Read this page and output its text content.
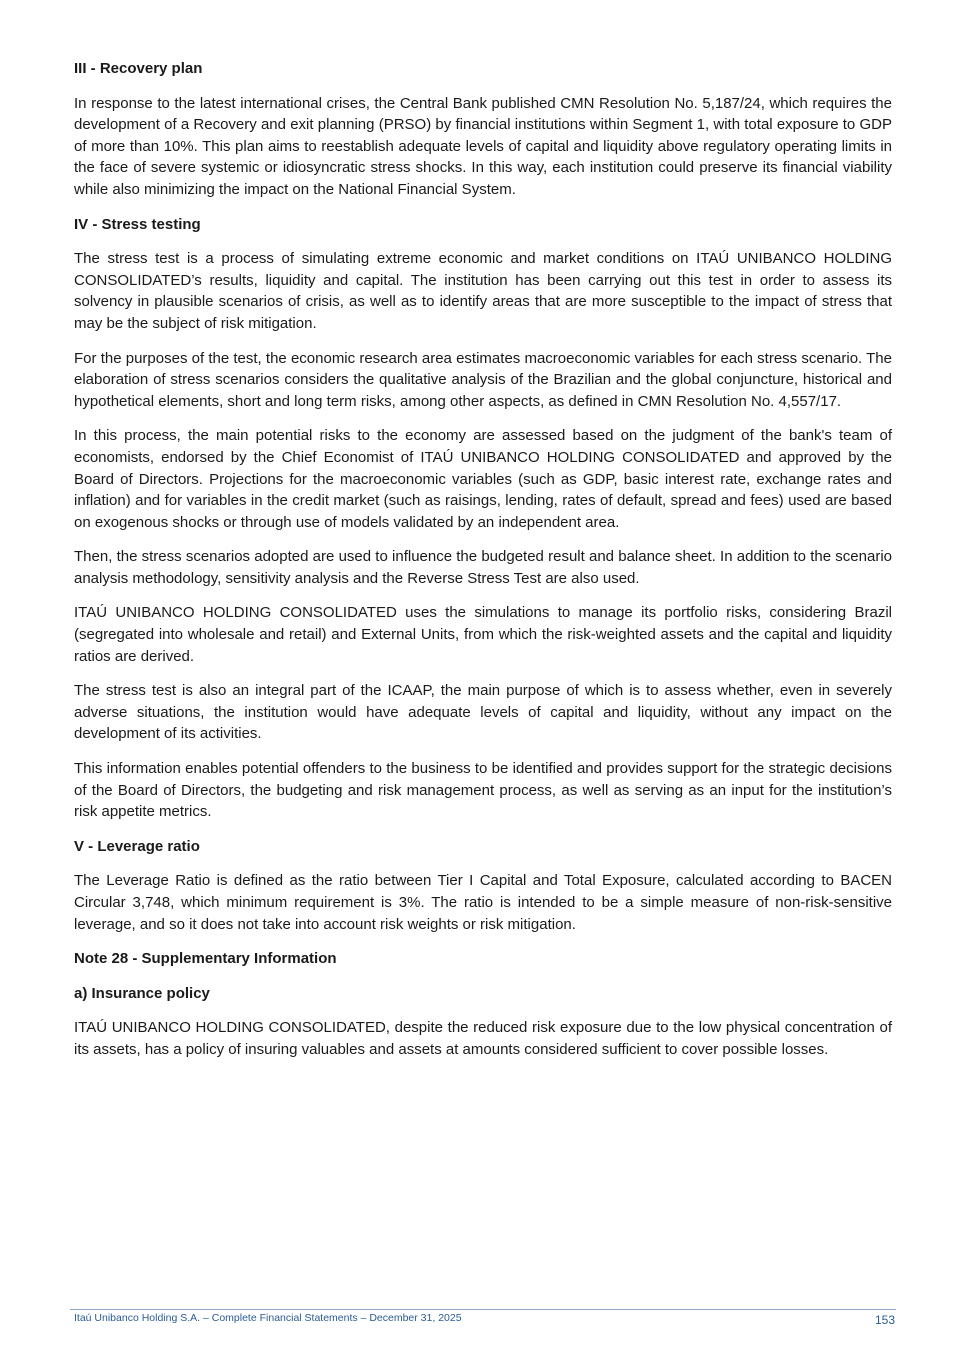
III - Recovery plan

In response to the latest international crises, the Central Bank published CMN Resolution No. 5,187/24, which requires the development of a Recovery and exit planning (PRSO) by financial institutions within Segment 1, with total exposure to GDP of more than 10%. This plan aims to reestablish adequate levels of capital and liquidity above regulatory operating limits in the face of severe systemic or idiosyncratic stress shocks. In this way, each institution could preserve its financial viability while also minimizing the impact on the National Financial System.

IV - Stress testing

The stress test is a process of simulating extreme economic and market conditions on ITAÚ UNIBANCO HOLDING CONSOLIDATED’s results, liquidity and capital. The institution has been carrying out this test in order to assess its solvency in plausible scenarios of crisis, as well as to identify areas that are more susceptible to the impact of stress that may be the subject of risk mitigation.

For the purposes of the test, the economic research area estimates macroeconomic variables for each stress scenario. The elaboration of stress scenarios considers the qualitative analysis of the Brazilian and the global conjuncture, historical and hypothetical elements, short and long term risks, among other aspects, as defined in CMN Resolution No. 4,557/17.

In this process, the main potential risks to the economy are assessed based on the judgment of the bank's team of economists, endorsed by the Chief Economist of ITAÚ UNIBANCO HOLDING CONSOLIDATED and approved by the Board of Directors. Projections for the macroeconomic variables (such as GDP, basic interest rate, exchange rates and inflation) and for variables in the credit market (such as raisings, lending, rates of default, spread and fees) used are based on exogenous shocks or through use of models validated by an independent area.

Then, the stress scenarios adopted are used to influence the budgeted result and balance sheet. In addition to the scenario analysis methodology, sensitivity analysis and the Reverse Stress Test are also used.

ITAÚ UNIBANCO HOLDING CONSOLIDATED uses the simulations to manage its portfolio risks, considering Brazil (segregated into wholesale and retail) and External Units, from which the risk-weighted assets and the capital and liquidity ratios are derived.

The stress test is also an integral part of the ICAAP, the main purpose of which is to assess whether, even in severely adverse situations, the institution would have adequate levels of capital and liquidity, without any impact on the development of its activities.

This information enables potential offenders to the business to be identified and provides support for the strategic decisions of the Board of Directors, the budgeting and risk management process, as well as serving as an input for the institution’s risk appetite metrics.

V - Leverage ratio

The Leverage Ratio is defined as the ratio between Tier I Capital and Total Exposure, calculated according to BACEN Circular 3,748, which minimum requirement is 3%. The ratio is intended to be a simple measure of non-risk-sensitive leverage, and so it does not take into account risk weights or risk mitigation.

Note 28 - Supplementary Information
a) Insurance policy

ITAÚ UNIBANCO HOLDING CONSOLIDATED, despite the reduced risk exposure due to the low physical concentration of its assets, has a policy of insuring valuables and assets at amounts considered sufficient to cover possible losses.

Itaú Unibanco Holding S.A. – Complete Financial Statements – December 31, 2025	153
